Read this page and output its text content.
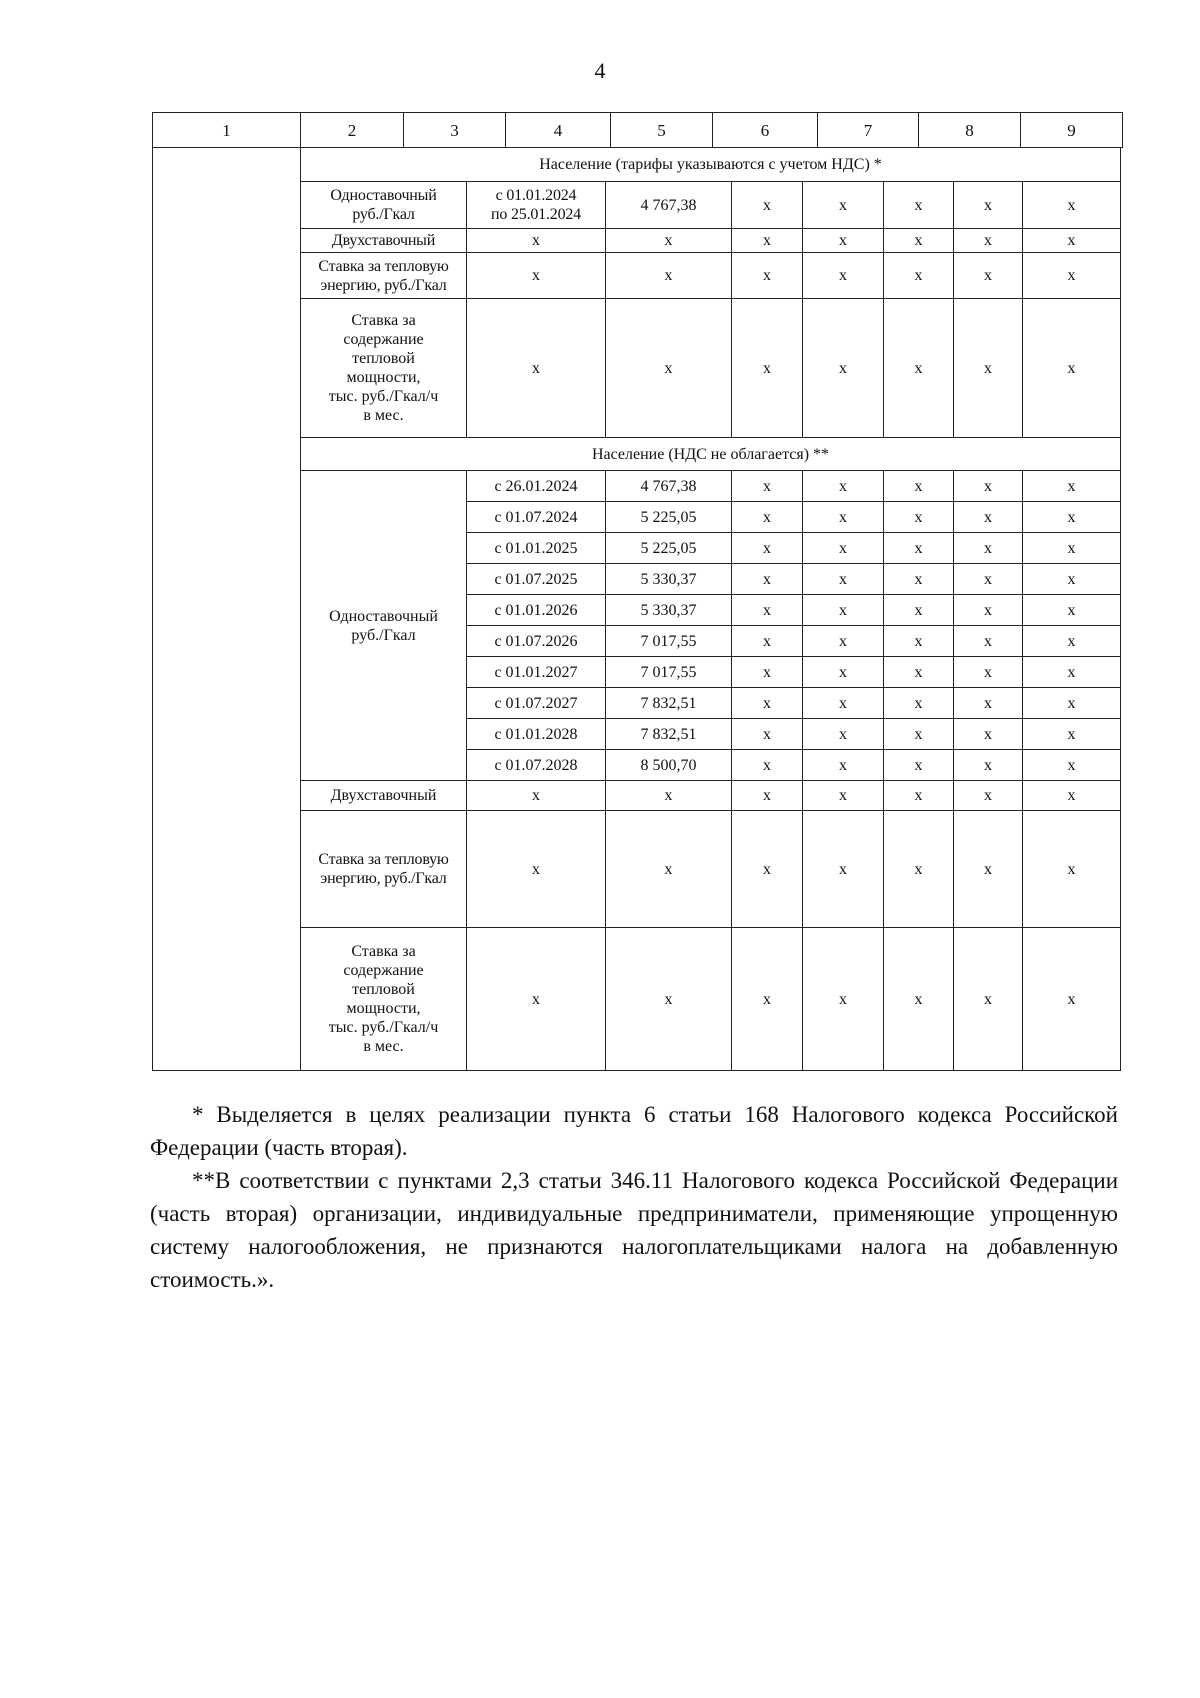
4
1	2	3	4	5	6	7	8	9
	Население (тарифы указываются с учетом НДС) *							
	Одноставочный
руб./Гкал	с 01.01.2024
по 25.01.2024	4 767,38	х	х	х	х	х
	Двухставочный	х	х	х	х	х	х	х
	Ставка за тепловую
энергию, руб./Гкал	х	х	х	х	х	х	х
Ставка за
содержание
тепловой
мощности,
тыс. руб./Гкал/ч
в мес.	х	х	х	х	х	х	х
	Население (НДС не облагается) **							
	Одноставочный
руб./Гкал	с 26.01.2024	4 767,38	х	х	х	х	х
		с 01.07.2024	5 225,05	х	х	х	х	х
		с 01.01.2025	5 225,05	х	х	х	х	х
		с 01.07.2025	5 330,37	х	х	х	х	х
		с 01.01.2026	5 330,37	х	х	х	х	х
		с 01.07.2026	7 017,55	х	х	х	х	х
		с 01.01.2027	7 017,55	х	х	х	х	х
		с 01.07.2027	7 832,51	х	х	х	х	х
		с 01.01.2028	7 832,51	х	х	х	х	х
		с 01.07.2028	8 500,70	х	х	х	х	х
	Двухставочный	х	х	х	х	х	х	х
	Ставка за тепловую
энергию, руб./Гкал	х	х	х	х	х	х	х
Ставка за
содержание
тепловой
мощности,
тыс. руб./Гкал/ч
в мес.	х	х	х	х	х	х	х

* Выделяется в целях реализации пункта 6 статьи 168 Налогового кодекса Российской Федерации (часть вторая).

**В соответствии с пунктами 2,3 статьи 346.11 Налогового кодекса Российской Федерации (часть вторая) организации, индивидуальные предприниматели, применяющие упрощенную систему налогообложения, не признаются налогоплательщиками налога на добавленную стоимость.».
